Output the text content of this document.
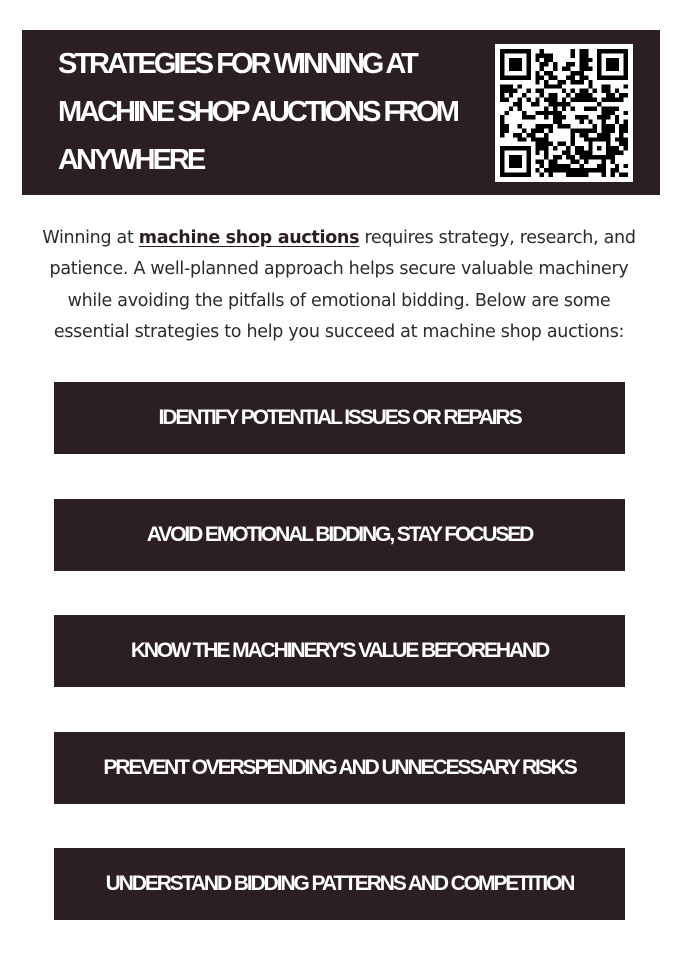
STRATEGIES FOR WINNING AT MACHINE SHOP AUCTIONS FROM ANYWHERE

Winning at machine shop auctions requires strategy, research, and patience. A well-planned approach helps secure valuable machinery while avoiding the pitfalls of emotional bidding. Below are some essential strategies to help you succeed at machine shop auctions:

IDENTIFY POTENTIAL ISSUES OR REPAIRS
AVOID EMOTIONAL BIDDING, STAY FOCUSED
KNOW THE MACHINERY'S VALUE BEFOREHAND
PREVENT OVERSPENDING AND UNNECESSARY RISKS
UNDERSTAND BIDDING PATTERNS AND COMPETITION
